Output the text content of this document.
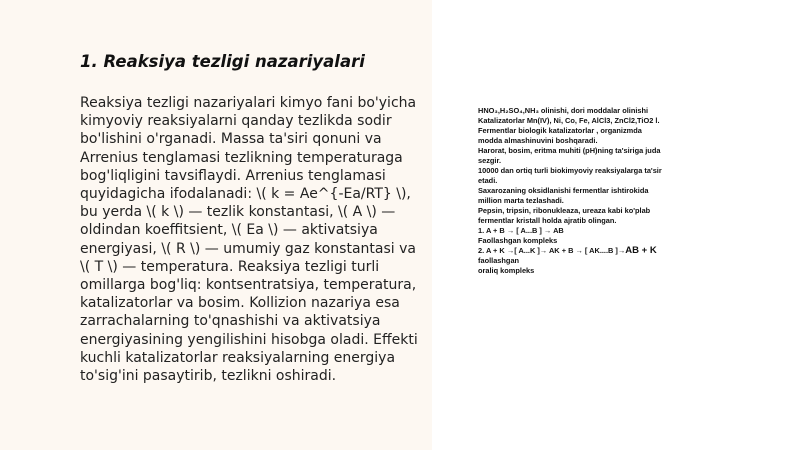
1. Reaksiya tezligi nazariyalari

Reaksiya tezligi nazariyalari kimyo fani bo'yicha kimyoviy reaksiyalarni qanday tezlikda sodir bo'lishini o'rganadi. Massa ta'siri qonuni va Arrenius tenglamasi tezlikning temperaturaga bog'liqligini tavsiflaydi. Arrenius tenglamasi quyidagicha ifodalanadi: \( k = Ae^{-Ea/RT} \), bu yerda \( k \) — tezlik konstantasi, \( A \) — oldindan koeffitsient, \( Ea \) — aktivatsiya energiyasi, \( R \) — umumiy gaz konstantasi va \( T \) — temperatura. Reaksiya tezligi turli omillarga bog'liq: kontsentratsiya, temperatura, katalizatorlar va bosim. Kollizion nazariya esa zarrachalarning to'qnashishi va aktivatsiya energiyasining yengilishini hisobga oladi. Effekti kuchli katalizatorlar reaksiyalarning energiya to'sig'ini pasaytirib, tezlikni oshiradi.

HNO₃,H₂SO₄,NH₃ olinishi, dori moddalar olinishi
Katalizatorlar Mn(IV), Ni, Co, Fe, AlCl3, ZnCl2,TiO2 l.
Fermentlar biologik katalizatorlar , organizmda
modda almashinuvini boshqaradi.
Harorat, bosim, eritma muhiti (pH)ning ta'siriga juda
sezgir.
10000 dan ortiq turli biokimyoviy reaksiyalarga ta'sir
etadi.
Saxarozaning oksidlanishi fermentlar ishtirokida
million marta tezlashadi.
Pepsin, tripsin, ribonukleaza, ureaza kabi ko'plab
fermentlar kristall holda ajratib olingan.
1. A + B → [ A...B ] → AB
Faollashgan kompleks
2. A + K →[ A...K ]→ AK + B → [ AK....B ]→AB + K
faollashgan
oraliq kompleks
